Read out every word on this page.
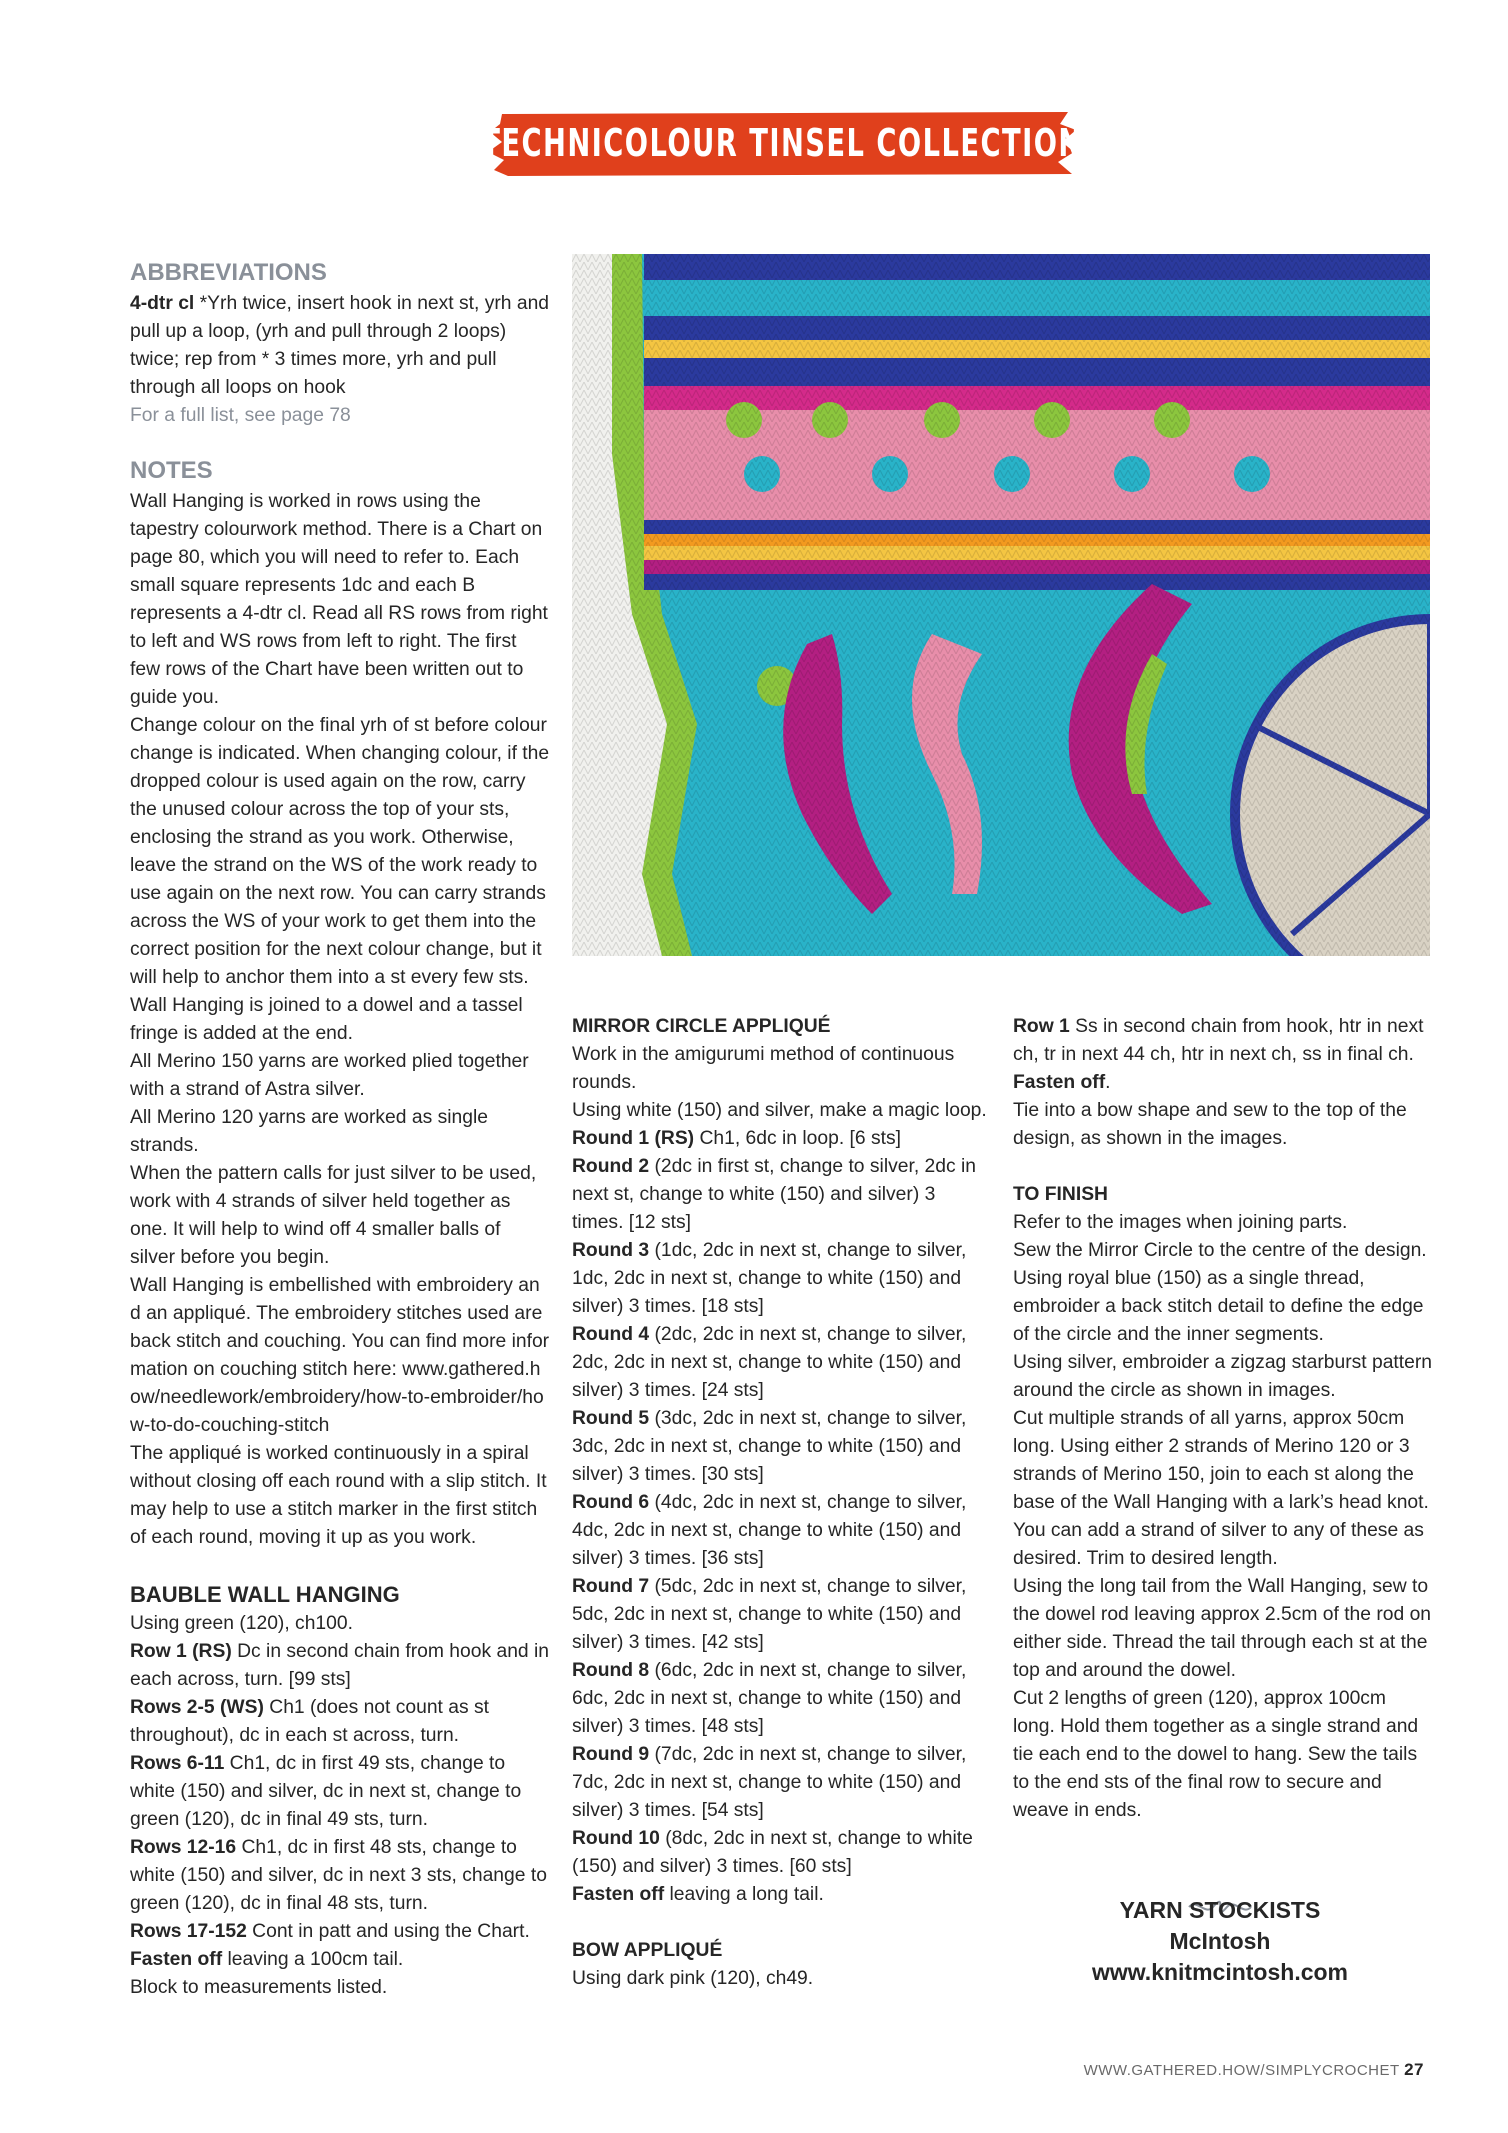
TECHNICOLOUR TINSEL COLLECTION

ABBREVIATIONS

4-dtr cl *Yrh twice, insert hook in next st, yrh and pull up a loop, (yrh and pull through 2 loops) twice; rep from * 3 times more, yrh and pull through all loops on hook

For a full list, see page 78

NOTES

Wall Hanging is worked in rows using the tapestry colourwork method. There is a Chart on page 80, which you will need to refer to. Each small square represents 1dc and each B represents a 4-dtr cl. Read all RS rows from right to left and WS rows from left to right. The first few rows of the Chart have been written out to guide you.

Change colour on the final yrh of st before colour change is indicated. When changing colour, if the dropped colour is used again on the row, carry the unused colour across the top of your sts, enclosing the strand as you work. Otherwise, leave the strand on the WS of the work ready to use again on the next row. You can carry strands across the WS of your work to get them into the correct position for the next colour change, but it will help to anchor them into a st every few sts.

Wall Hanging is joined to a dowel and a tassel fringe is added at the end.

All Merino 150 yarns are worked plied together with a strand of Astra silver.

All Merino 120 yarns are worked as single strands.

When the pattern calls for just silver to be used, work with 4 strands of silver held together as one. It will help to wind off 4 smaller balls of silver before you begin.

Wall Hanging is embellished with embroidery and an appliqué. The embroidery stitches used are back stitch and couching. You can find more information on couching stitch here: www.gathered.how/needlework/embroidery/how-to-embroider/how-to-do-couching-stitch

The appliqué is worked continuously in a spiral without closing off each round with a slip stitch. It may help to use a stitch marker in the first stitch of each round, moving it up as you work.

BAUBLE WALL HANGING

Using green (120), ch100.

Row 1 (RS) Dc in second chain from hook and in each across, turn. [99 sts]

Rows 2-5 (WS) Ch1 (does not count as st throughout), dc in each st across, turn.

Rows 6-11 Ch1, dc in first 49 sts, change to white (150) and silver, dc in next st, change to green (120), dc in final 49 sts, turn.

Rows 12-16 Ch1, dc in first 48 sts, change to white (150) and silver, dc in next 3 sts, change to green (120), dc in final 48 sts, turn.

Rows 17-152 Cont in patt and using the Chart.

Fasten off leaving a 100cm tail.

Block to measurements listed.

MIRROR CIRCLE APPLIQUÉ

Work in the amigurumi method of continuous rounds.

Using white (150) and silver, make a magic loop.

Round 1 (RS) Ch1, 6dc in loop. [6 sts]

Round 2 (2dc in first st, change to silver, 2dc in next st, change to white (150) and silver) 3 times. [12 sts]

Round 3 (1dc, 2dc in next st, change to silver, 1dc, 2dc in next st, change to white (150) and silver) 3 times. [18 sts]

Round 4 (2dc, 2dc in next st, change to silver, 2dc, 2dc in next st, change to white (150) and silver) 3 times. [24 sts]

Round 5 (3dc, 2dc in next st, change to silver, 3dc, 2dc in next st, change to white (150) and silver) 3 times. [30 sts]

Round 6 (4dc, 2dc in next st, change to silver, 4dc, 2dc in next st, change to white (150) and silver) 3 times. [36 sts]

Round 7 (5dc, 2dc in next st, change to silver, 5dc, 2dc in next st, change to white (150) and silver) 3 times. [42 sts]

Round 8 (6dc, 2dc in next st, change to silver, 6dc, 2dc in next st, change to white (150) and silver) 3 times. [48 sts]

Round 9 (7dc, 2dc in next st, change to silver, 7dc, 2dc in next st, change to white (150) and silver) 3 times. [54 sts]

Round 10 (8dc, 2dc in next st, change to white (150) and silver) 3 times. [60 sts]

Fasten off leaving a long tail.

BOW APPLIQUÉ

Using dark pink (120), ch49.

Row 1 Ss in second chain from hook, htr in next ch, tr in next 44 ch, htr in next ch, ss in final ch.

Fasten off.

Tie into a bow shape and sew to the top of the design, as shown in the images.

TO FINISH

Refer to the images when joining parts.

Sew the Mirror Circle to the centre of the design. Using royal blue (150) as a single thread, embroider a back stitch detail to define the edge of the circle and the inner segments.

Using silver, embroider a zigzag starburst pattern around the circle as shown in images.

Cut multiple strands of all yarns, approx 50cm long. Using either 2 strands of Merino 120 or 3 strands of Merino 150, join to each st along the base of the Wall Hanging with a lark’s head knot. You can add a strand of silver to any of these as desired. Trim to desired length.

Using the long tail from the Wall Hanging, sew to the dowel rod leaving approx 2.5cm of the rod on either side. Thread the tail through each st at the top and around the dowel.

Cut 2 lengths of green (120), approx 100cm long. Hold them together as a single strand and tie each end to the dowel to hang. Sew the tails to the end sts of the final row to secure and weave in ends.

YARN STOCKISTS
McIntosh
www.knitmcintosh.com
WWW.GATHERED.HOW/SIMPLYCROCHET 27
